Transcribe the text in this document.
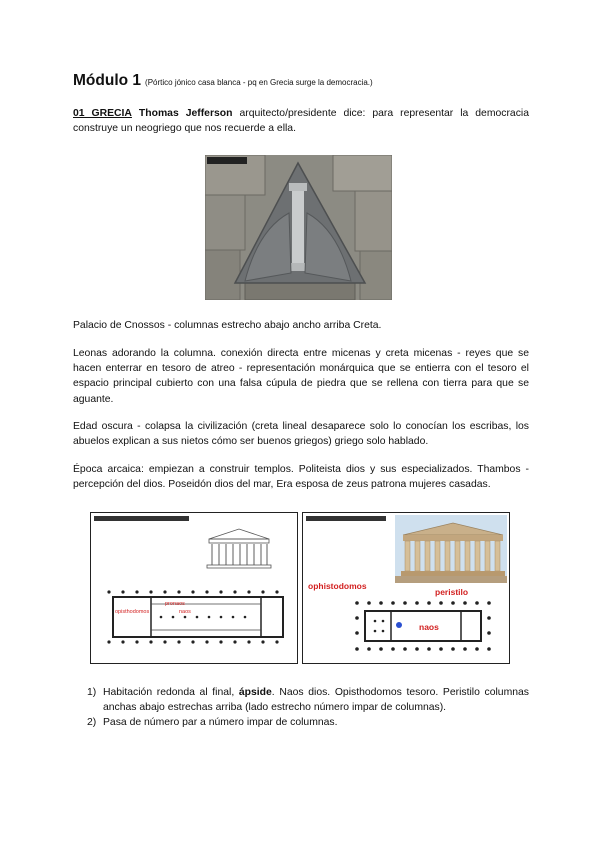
Módulo 1 (Pórtico jónico casa blanca - pq en Grecia surge la democracia.)
01 GRECIA Thomas Jefferson arquitecto/presidente dice: para representar la democracia construye un neogriego que nos recuerde a ella.
Palacio de Cnossos - columnas estrecho abajo ancho arriba Creta.
Leonas adorando la columna. conexión directa entre micenas y creta micenas - reyes que se hacen enterrar en tesoro de atreo - representación monárquica que se entierra con el tesoro el espacio principal cubierto con una falsa cúpula de piedra que se rellena con tierra para que se aguante.
Edad oscura - colapsa la civilización (creta lineal desaparece solo lo conocían los escribas, los abuelos explican a sus nietos cómo ser buenos griegos) griego solo hablado.
Época arcaica: empiezan a construir templos. Politeista dios y sus especializados. Thambos - percepción del dios. Poseidón dios del mar, Era esposa de zeus patrona mujeres casadas.
opisthodomos	naos
pronaos
ophistodomos
peristilo
naos
1) Habitación redonda al final, ápside. Naos dios. Opisthodomos tesoro. Peristilo columnas anchas abajo estrechas arriba (lado estrecho número impar de columnas).
2) Pasa de número par a número impar de columnas.
